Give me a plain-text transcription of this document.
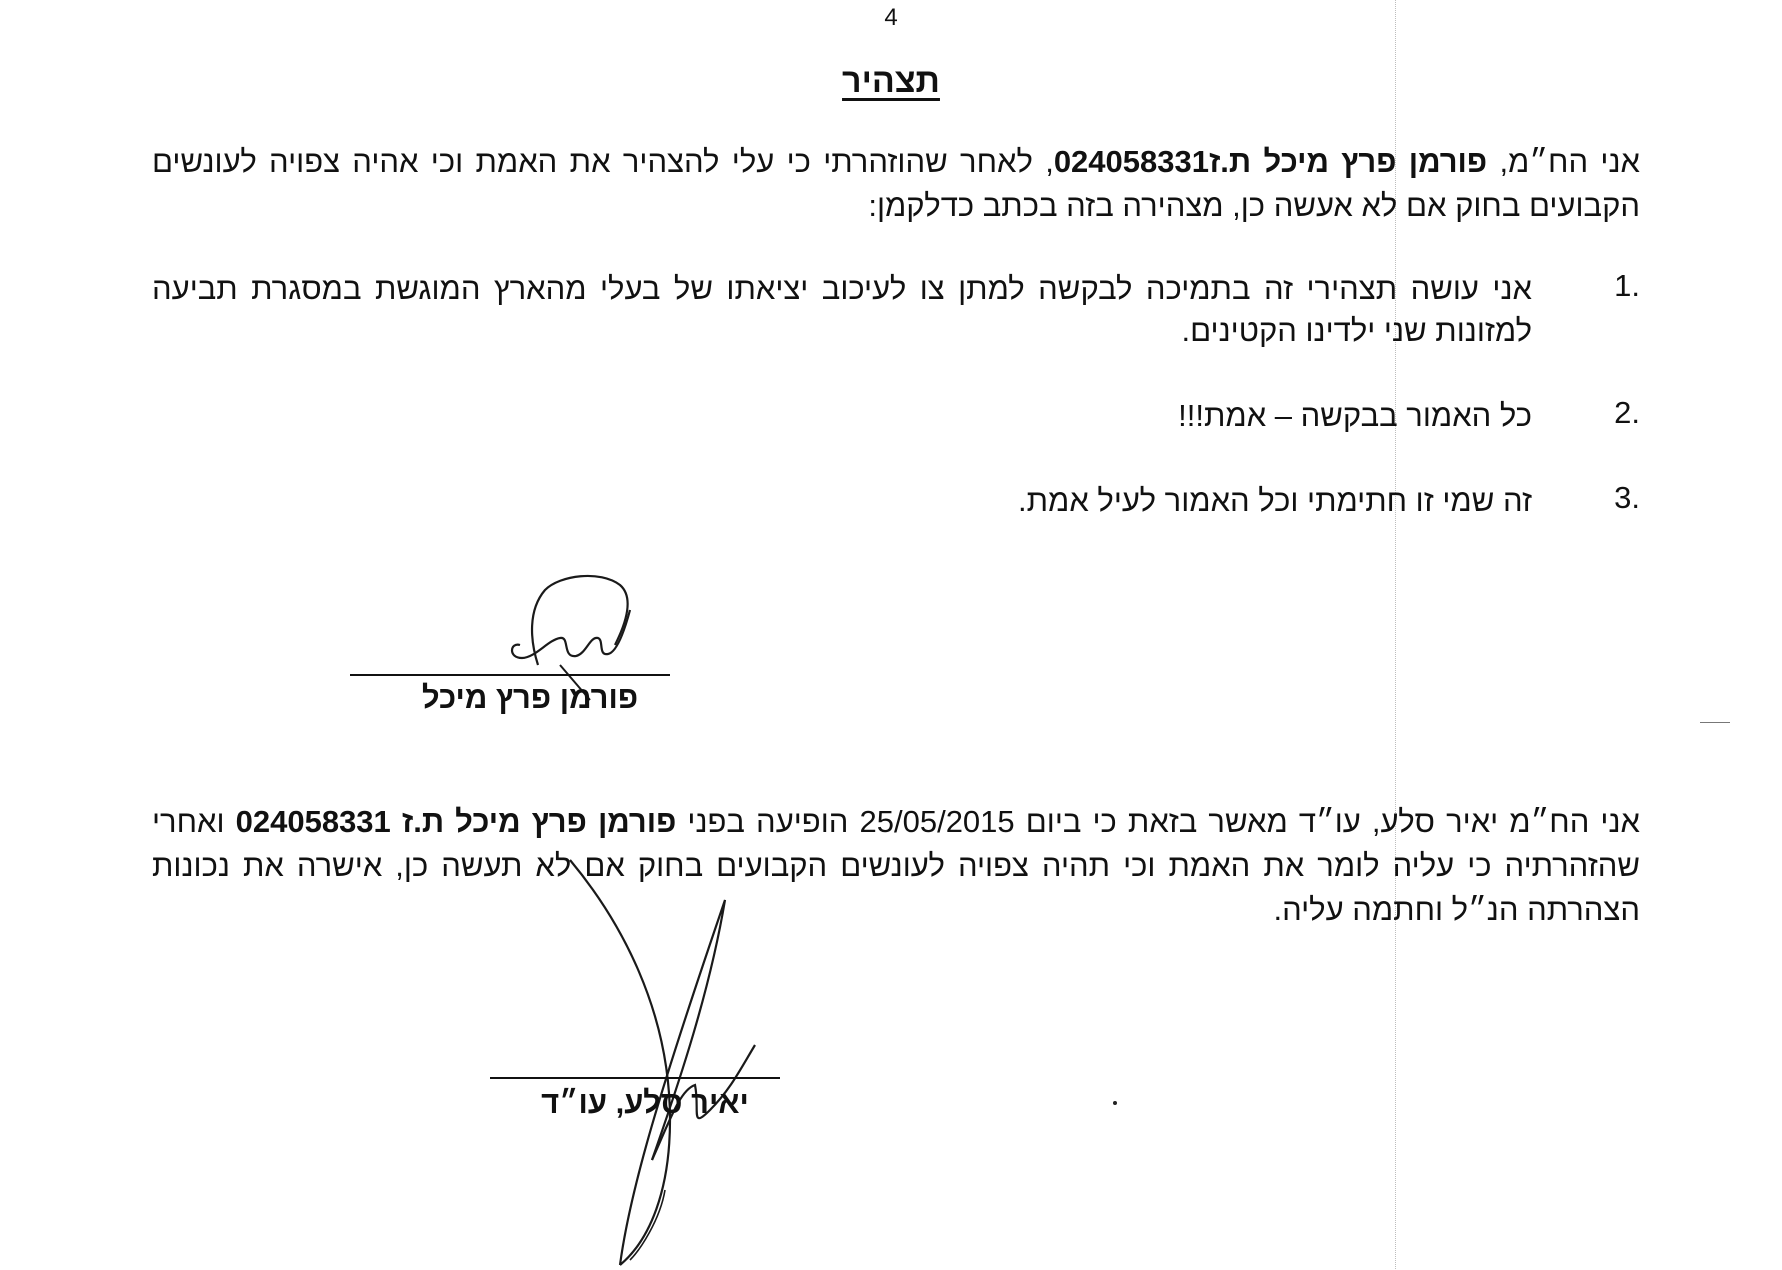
4
תצהיר
אני הח״מ, פורמן פרץ מיכל ת.ז024058331, לאחר שהוזהרתי כי עלי להצהיר את האמת וכי אהיה צפויה לעונשים הקבועים בחוק אם לא אעשה כן, מצהירה בזה בכתב כדלקמן:
1.
אני עושה תצהירי זה בתמיכה לבקשה למתן צו לעיכוב יציאתו של בעלי מהארץ המוגשת במסגרת תביעה למזונות שני ילדינו הקטינים.
2.
כל האמור בבקשה – אמת!!!
3.
זה שמי זו חתימתי וכל האמור לעיל אמת.
פורמן פרץ מיכל
אני הח״מ יאיר סלע, עו״ד מאשר בזאת כי ביום 25/05/2015 הופיעה בפני פורמן פרץ מיכל ת.ז 024058331 ואחרי שהזהרתיה כי עליה לומר את האמת וכי תהיה צפויה לעונשים הקבועים בחוק אם לא תעשה כן, אישרה את נכונות הצהרתה הנ״ל וחתמה עליה.
יאיר סלע, עו״ד
